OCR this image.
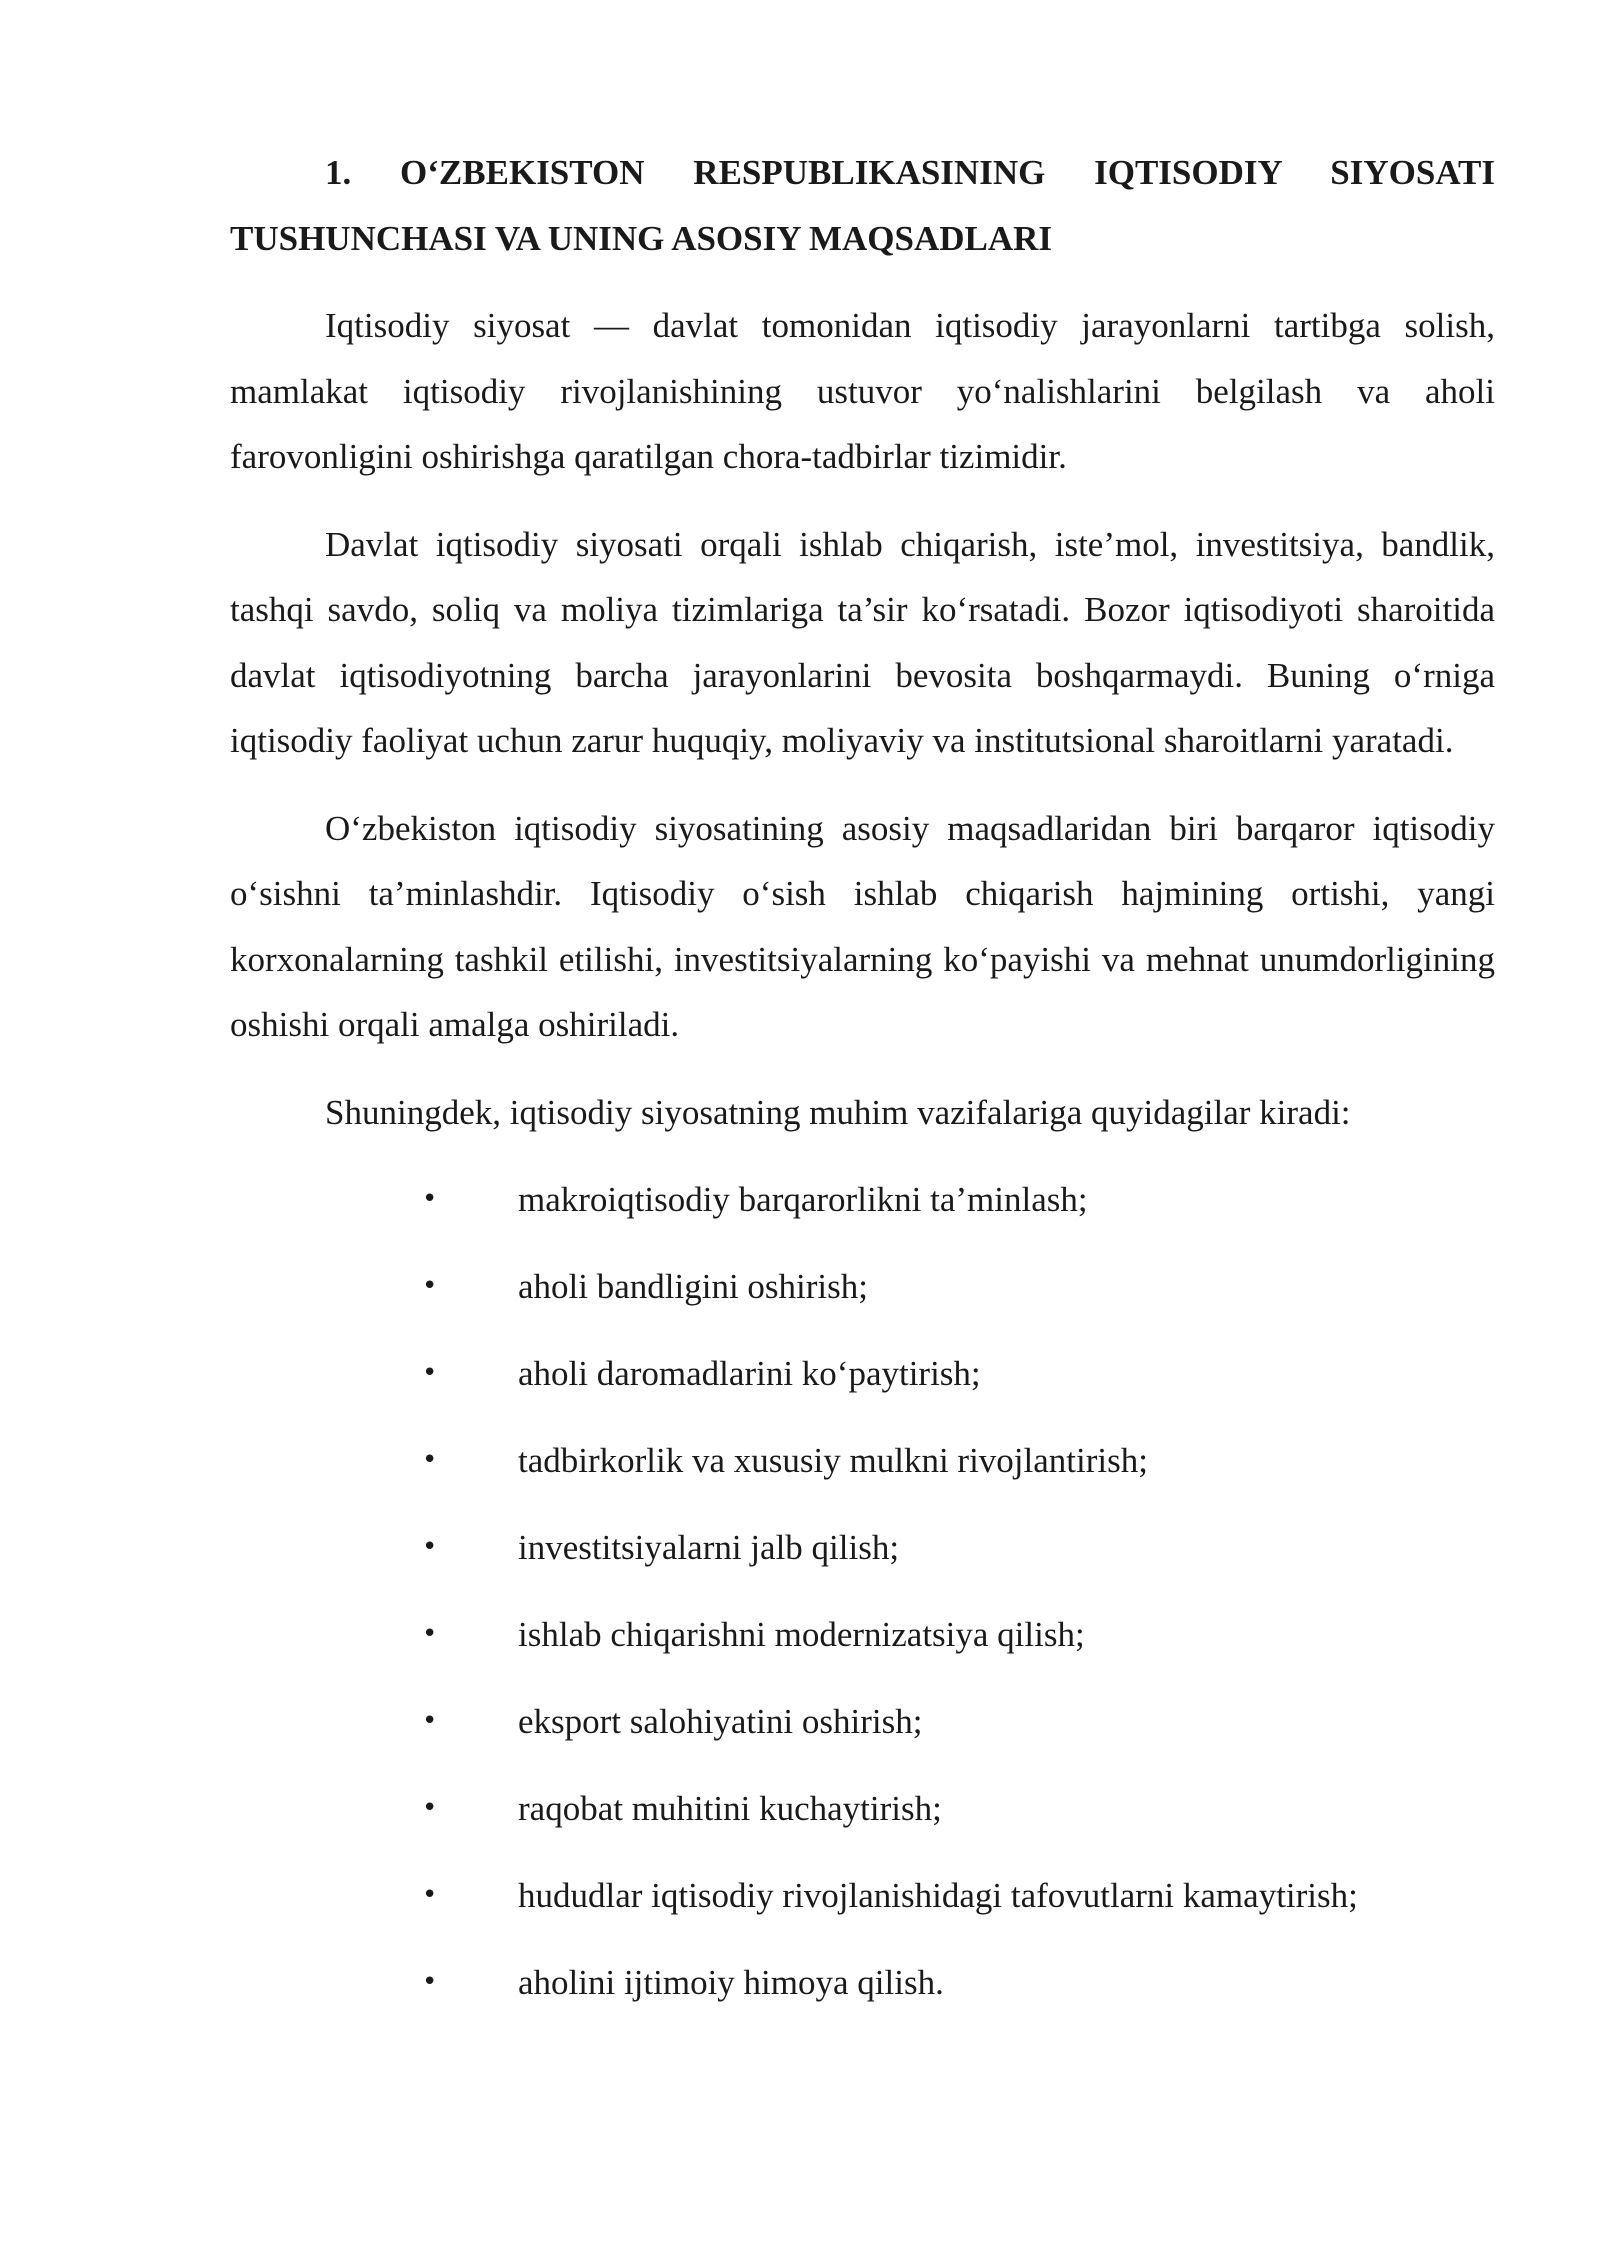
1. O‘ZBEKISTON RESPUBLIKASINING IQTISODIY SIYOSATI TUSHUNCHASI VA UNING ASOSIY MAQSADLARI

Iqtisodiy siyosat — davlat tomonidan iqtisodiy jarayonlarni tartibga solish, mamlakat iqtisodiy rivojlanishining ustuvor yo‘nalishlarini belgilash va aholi farovonligini oshirishga qaratilgan chora-tadbirlar tizimidir.

Davlat iqtisodiy siyosati orqali ishlab chiqarish, iste’mol, investitsiya, bandlik, tashqi savdo, soliq va moliya tizimlariga ta’sir ko‘rsatadi. Bozor iqtisodiyoti sharoitida davlat iqtisodiyotning barcha jarayonlarini bevosita boshqarmaydi. Buning o‘rniga iqtisodiy faoliyat uchun zarur huquqiy, moliyaviy va institutsional sharoitlarni yaratadi.

O‘zbekiston iqtisodiy siyosatining asosiy maqsadlaridan biri barqaror iqtisodiy o‘sishni ta’minlashdir. Iqtisodiy o‘sish ishlab chiqarish hajmining ortishi, yangi korxonalarning tashkil etilishi, investitsiyalarning ko‘payishi va mehnat unumdorligining oshishi orqali amalga oshiriladi.

Shuningdek, iqtisodiy siyosatning muhim vazifalariga quyidagilar kiradi:

• makroiqtisodiy barqarorlikni ta’minlash;
• aholi bandligini oshirish;
• aholi daromadlarini ko‘paytirish;
• tadbirkorlik va xususiy mulkni rivojlantirish;
• investitsiyalarni jalb qilish;
• ishlab chiqarishni modernizatsiya qilish;
• eksport salohiyatini oshirish;
• raqobat muhitini kuchaytirish;
• hududlar iqtisodiy rivojlanishidagi tafovutlarni kamaytirish;
• aholini ijtimoiy himoya qilish.
